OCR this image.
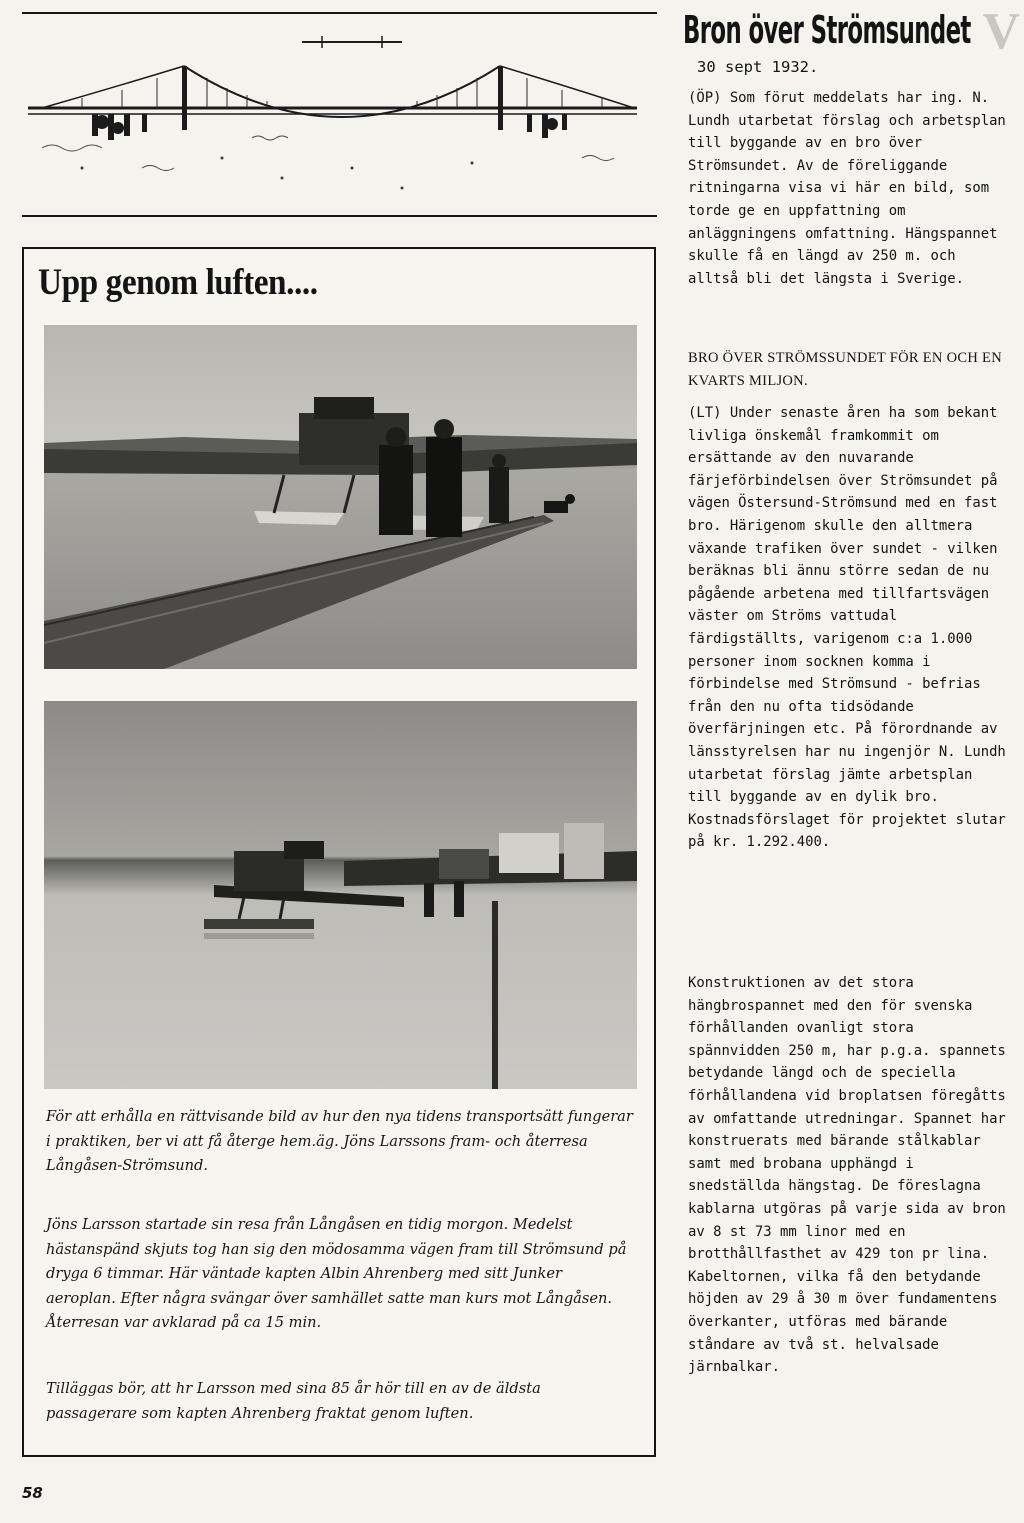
V
Upp genom luften....

För att erhålla en rättvisande bild av hur den nya tidens transportsätt fungerar i praktiken, ber vi att få återge hem.äg. Jöns Larssons fram- och återresa Långåsen-Strömsund.

Jöns Larsson startade sin resa från Långåsen en tidig morgon. Medelst hästanspänd skjuts tog han sig den mödosamma vägen fram till Strömsund på dryga 6 timmar. Här väntade kapten Albin Ahrenberg med sitt Junker aeroplan. Efter några svängar över samhället satte man kurs mot Långåsen. Återresan var avklarad på ca 15 min.

Tilläggas bör, att hr Larsson med sina 85 år hör till en av de äldsta passagerare som kapten Ahrenberg fraktat genom luften.

58

Bron över Strömsundet

30 sept 1932.

(ÖP) Som förut meddelats har ing. N. Lundh utarbetat förslag och arbetsplan till byggande av en bro över Strömsundet. Av de föreliggande ritningarna visa vi här en bild, som torde ge en uppfattning om anläggningens omfattning. Hängspannet skulle få en längd av 250 m. och alltså bli det längsta i Sverige.

BRO ÖVER STRÖMSSUNDET FÖR EN OCH EN KVARTS MILJON.

(LT) Under senaste åren ha som bekant livliga önskemål framkommit om ersättande av den nuvarande färjeförbindelsen över Strömsundet på vägen Östersund-Strömsund med en fast bro. Härigenom skulle den alltmera växande trafiken över sundet - vilken beräknas bli ännu större sedan de nu pågående arbetena med tillfartsvägen väster om Ströms vattudal färdigställts, varigenom c:a 1.000 personer inom socknen komma i förbindelse med Strömsund - befrias från den nu ofta tidsödande överfärjningen etc. På förordnande av länsstyrelsen har nu ingenjör N. Lundh utarbetat förslag jämte arbetsplan till byggande av en dylik bro. Kostnadsförslaget för projektet slutar på kr. 1.292.400.

Konstruktionen av det stora hängbrospannet med den för svenska förhållanden ovanligt stora spännvidden 250 m, har p.g.a. spannets betydande längd och de speciella förhållandena vid broplatsen föregåtts av omfattande utredningar. Spannet har konstruerats med bärande stålkablar samt med brobana upphängd i snedställda hängstag. De föreslagna kablarna utgöras på varje sida av bron av 8 st 73 mm linor med en brotthållfasthet av 429 ton pr lina. Kabeltornen, vilka få den betydande höjden av 29 å 30 m över fundamentens överkanter, utföras med bärande ståndare av två st. helvalsade järnbalkar.
